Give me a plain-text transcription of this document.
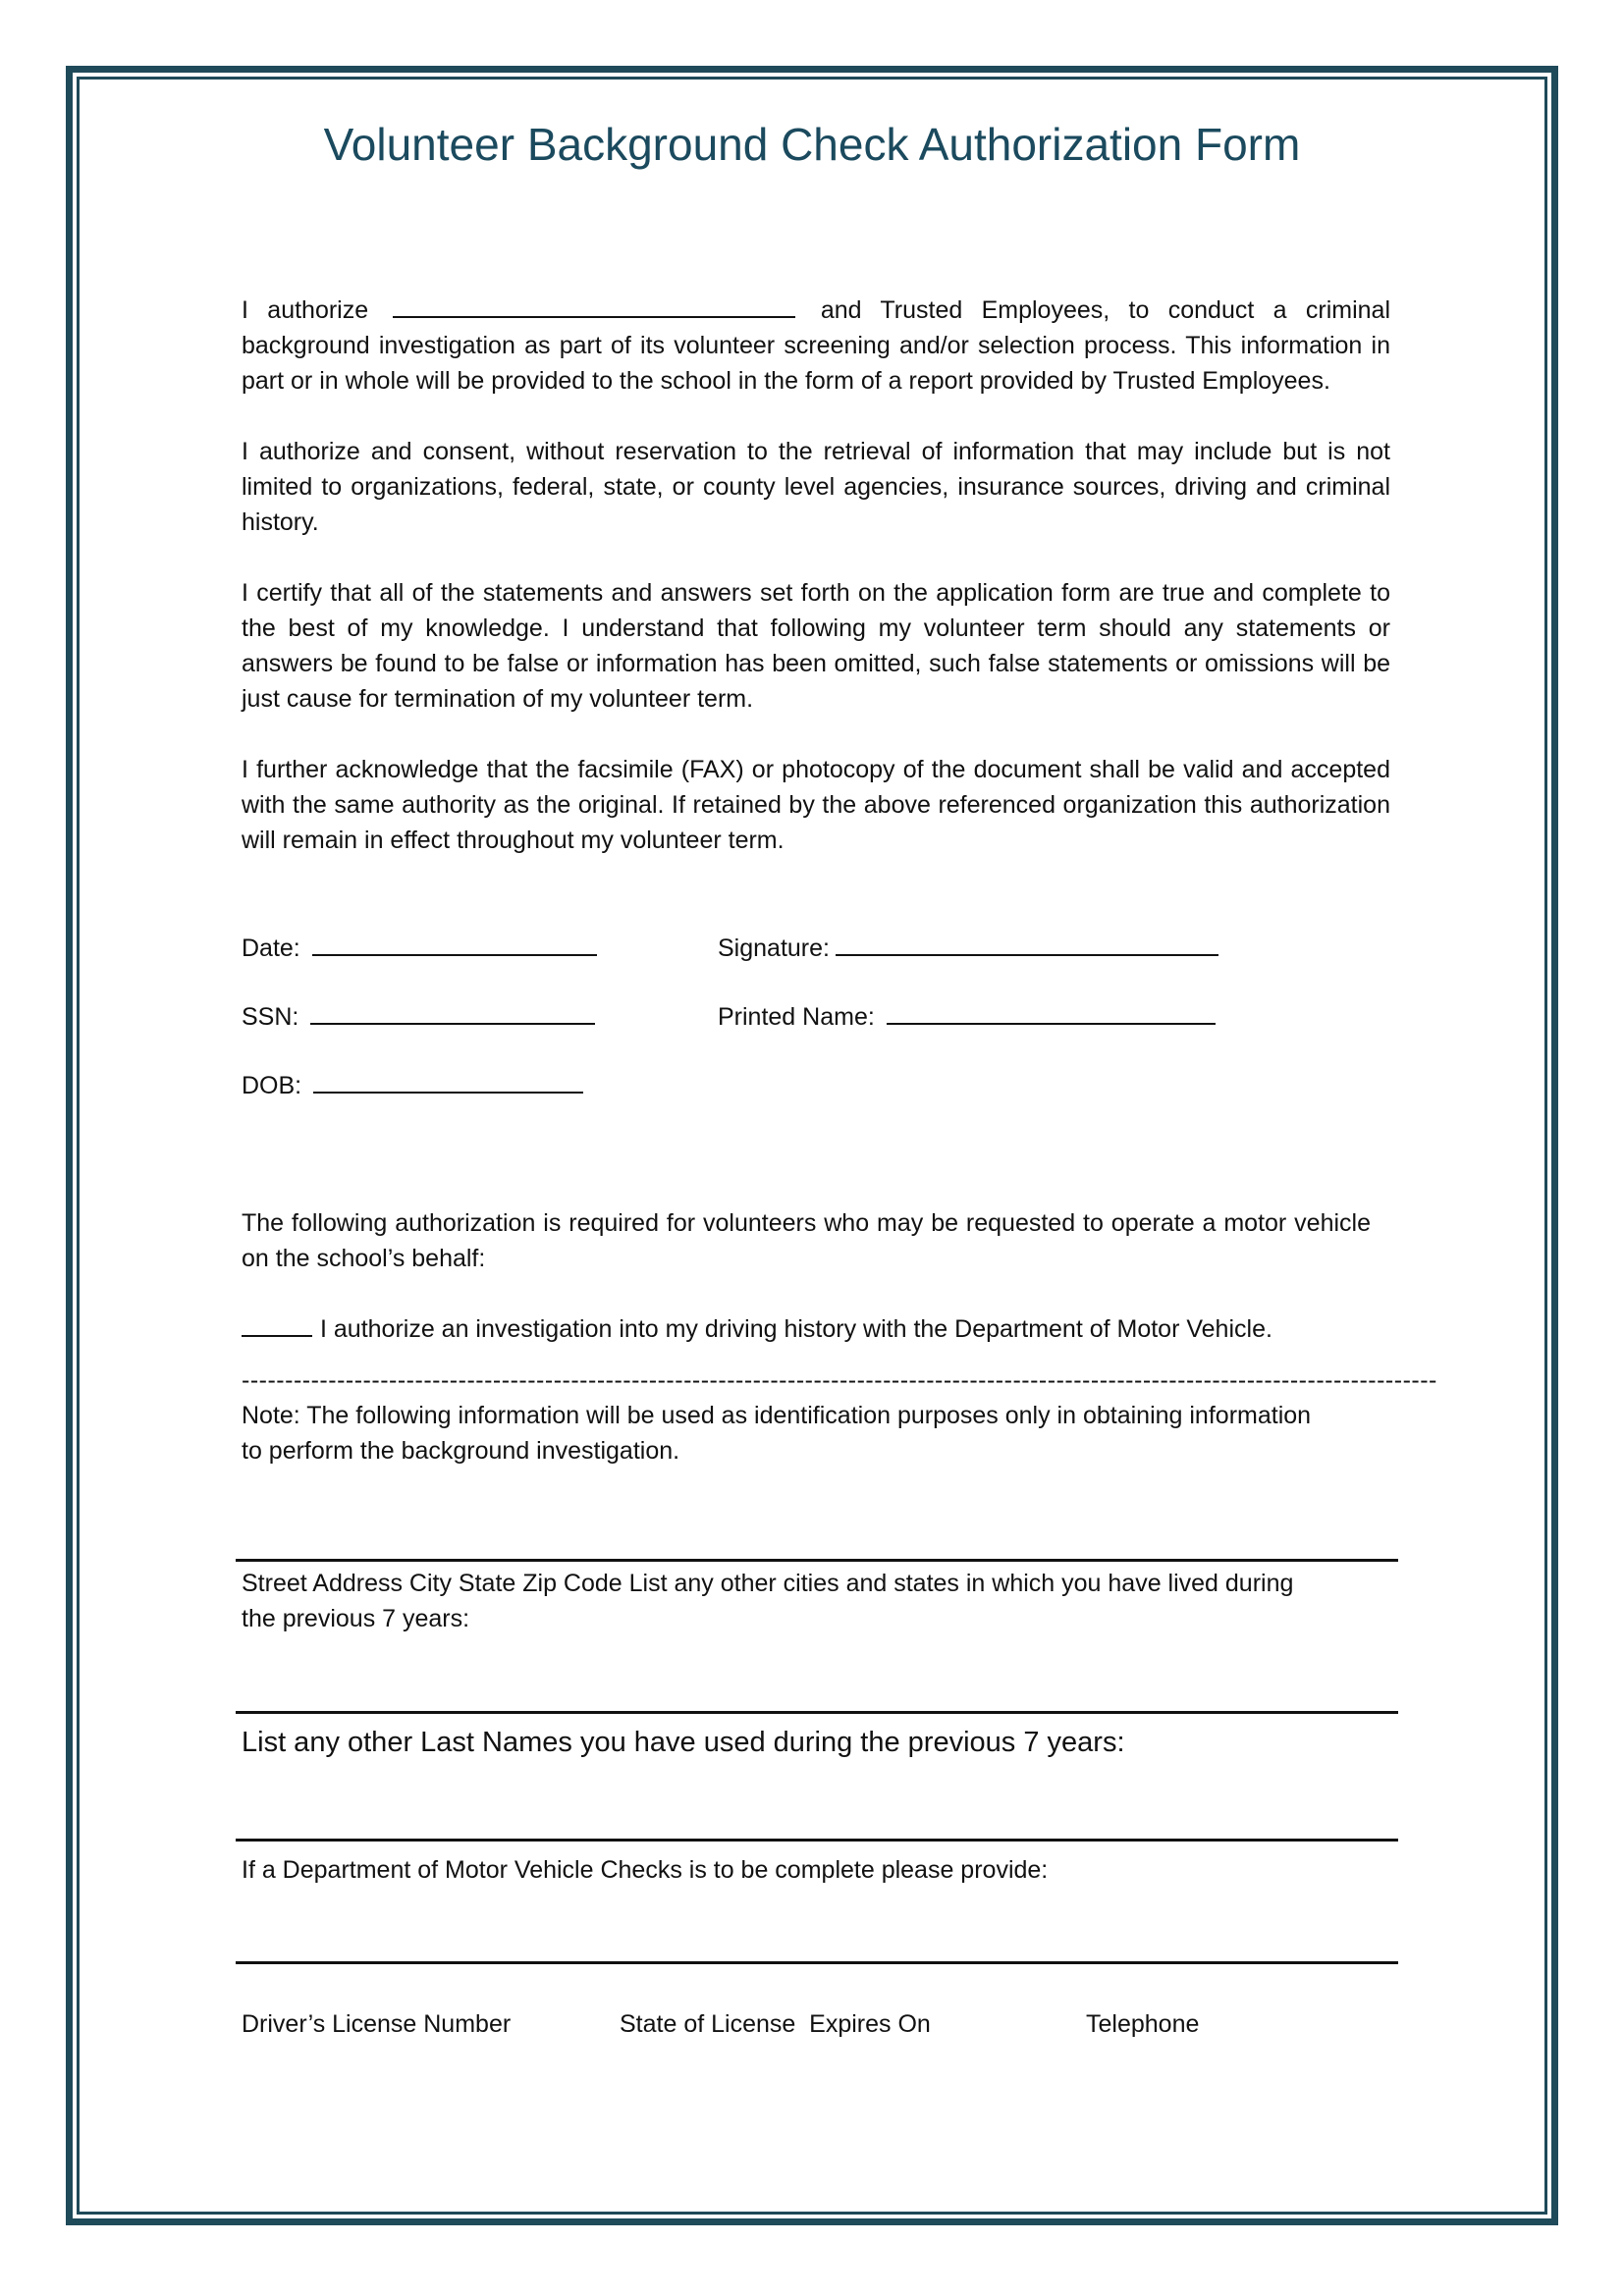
Volunteer Background Check Authorization Form

I authorize	and Trusted Employees, to conduct a criminal background investigation as part of its volunteer screening and/or selection process. This information in part or in whole will be provided to the school in the form of a report provided by Trusted Employees.

I authorize and consent, without reservation to the retrieval of information that may include but is not limited to organizations, federal, state, or county level agencies, insurance sources, driving and criminal history.

I certify that all of the statements and answers set forth on the application form are true and complete to the best of my knowledge. I understand that following my volunteer term should any statements or answers be found to be false or information has been omitted, such false statements or omissions will be just cause for termination of my volunteer term.

I further acknowledge that the facsimile (FAX) or photocopy of the document shall be valid and accepted with the same authority as the original. If retained by the above referenced organization this authorization will remain in effect throughout my volunteer term.

Date:	Signature:
SSN:	Printed Name:
DOB:

The following authorization is required for volunteers who may be requested to operate a motor vehicle on the school’s behalf:

I authorize an investigation into my driving history with the Department of Motor Vehicle.

------------------------------------------------------------------------------------------------------------------------------------------

Note: The following information will be used as identification purposes only in obtaining information to perform the background investigation.

Street Address City State Zip Code List any other cities and states in which you have lived during the previous 7 years:
List any other Last Names you have used during the previous 7 years:
If a Department of Motor Vehicle Checks is to be complete please provide:
Driver’s License Number	State of License  Expires On	Telephone
